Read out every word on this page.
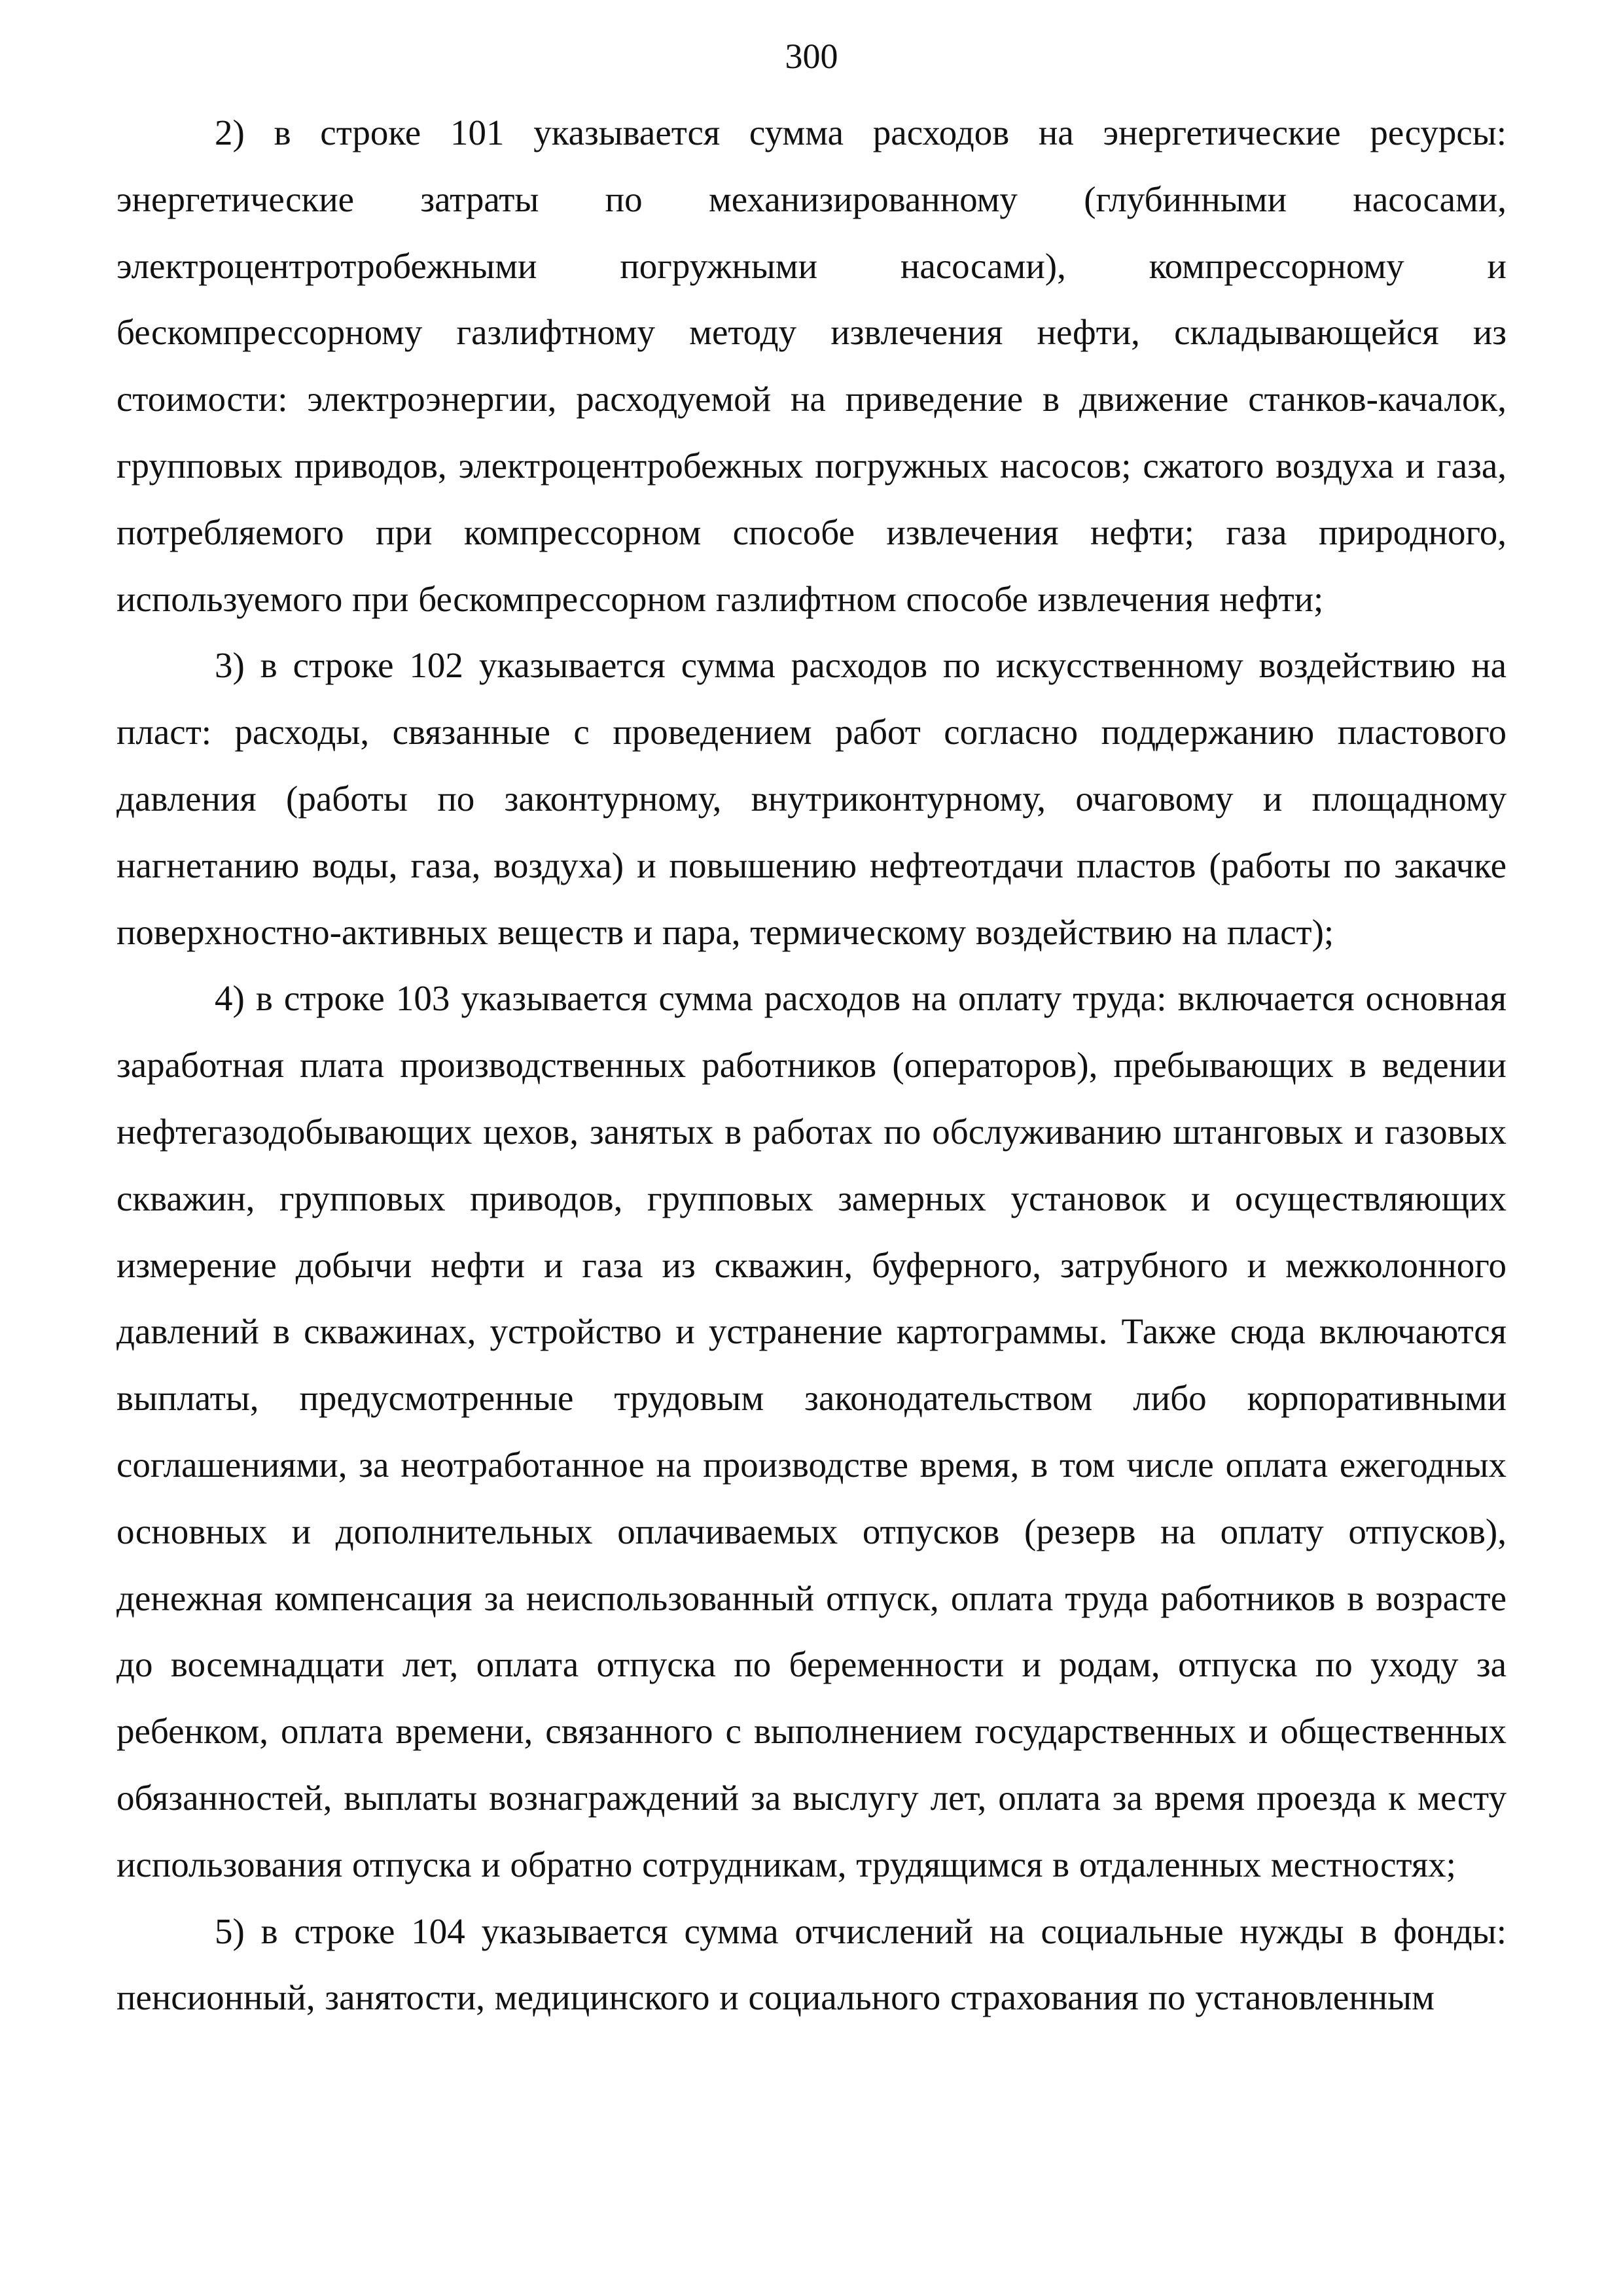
300

2) в строке 101 указывается сумма расходов на энергетические ресурсы: энергетические затраты по механизированному (глубинными насосами, электроцентротробежными погружными насосами), компрессорному и бескомпрессорному газлифтному методу извлечения нефти, складывающейся из стоимости: электроэнергии, расходуемой на приведение в движение станков-качалок, групповых приводов, электроцентробежных погружных насосов; сжатого воздуха и газа, потребляемого при компрессорном способе извлечения нефти; газа природного, используемого при бескомпрессорном газлифтном способе извлечения нефти;

3) в строке 102 указывается сумма расходов по искусственному воздействию на пласт: расходы, связанные с проведением работ согласно поддержанию пластового давления (работы по законтурному, внутриконтурному, очаговому и площадному нагнетанию воды, газа, воздуха) и повышению нефтеотдачи пластов (работы по закачке поверхностно-активных веществ и пара, термическому воздействию на пласт);

4) в строке 103 указывается сумма расходов на оплату труда: включается основная заработная плата производственных работников (операторов), пребывающих в ведении нефтегазодобывающих цехов, занятых в работах по обслуживанию штанговых и газовых скважин, групповых приводов, групповых замерных установок и осуществляющих измерение добычи нефти и газа из скважин, буферного, затрубного и межколонного давлений в скважинах, устройство и устранение картограммы. Также сюда включаются выплаты, предусмотренные трудовым законодательством либо корпоративными соглашениями, за неотработанное на производстве время, в том числе оплата ежегодных основных и дополнительных оплачиваемых отпусков (резерв на оплату отпусков), денежная компенсация за неиспользованный отпуск, оплата труда работников в возрасте до восемнадцати лет, оплата отпуска по беременности и родам, отпуска по уходу за ребенком, оплата времени, связанного с выполнением государственных и общественных обязанностей, выплаты вознаграждений за выслугу лет, оплата за время проезда к месту использования отпуска и обратно сотрудникам, трудящимся в отдаленных местностях;

5) в строке 104 указывается сумма отчислений на социальные нужды в фонды: пенсионный, занятости, медицинского и социального страхования по установленным
